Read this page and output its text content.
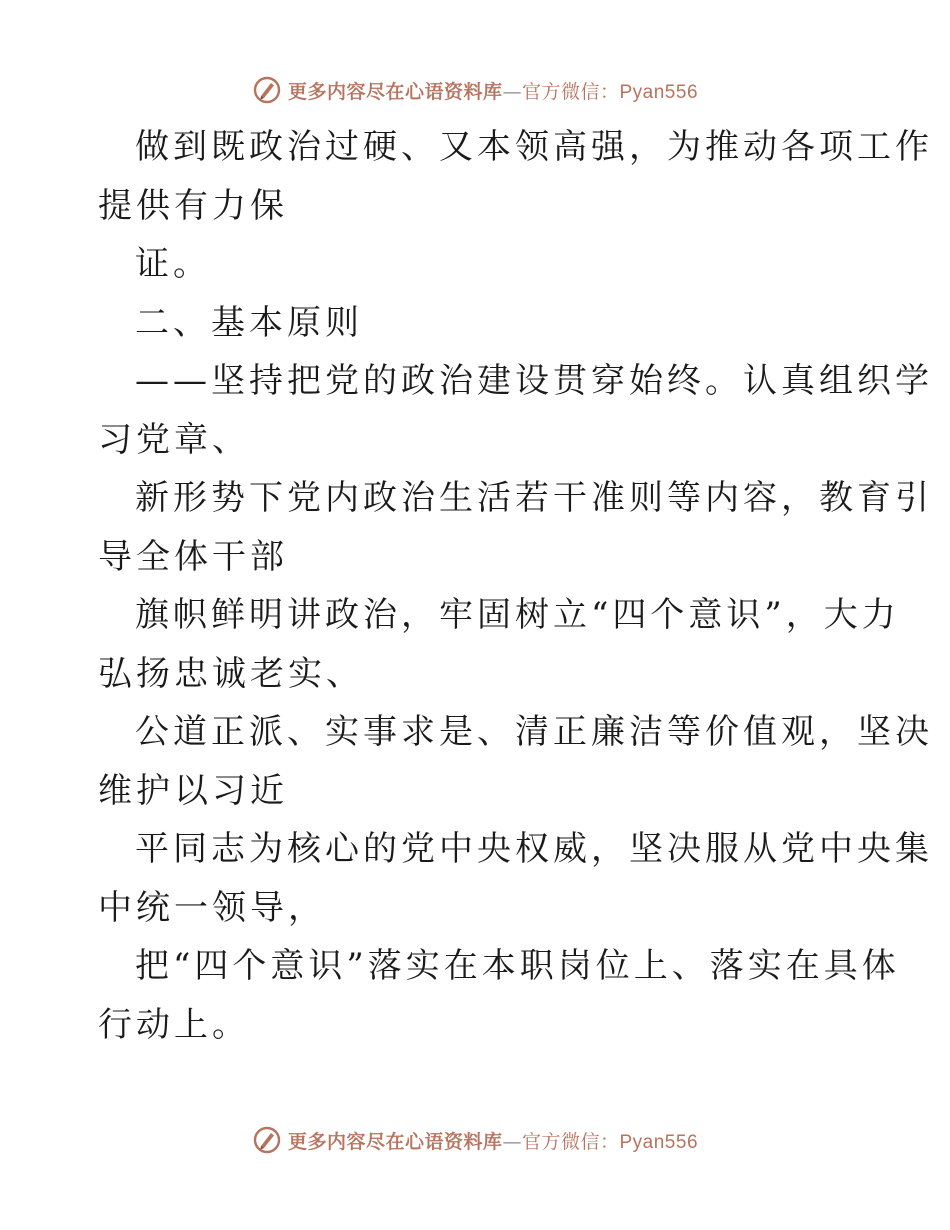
更多内容尽在心语资料库—官方微信：Pyan556
做到既政治过硬、又本领高强，为推动各项工作
提供有力保
证。
二、基本原则
——坚持把党的政治建设贯穿始终。认真组织学
习党章、
新形势下党内政治生活若干准则等内容，教育引
导全体干部
旗帜鲜明讲政治，牢固树立“四个意识”，大力
弘扬忠诚老实、
公道正派、实事求是、清正廉洁等价值观，坚决
维护以习近
平同志为核心的党中央权威，坚决服从党中央集
中统一领导，
把“四个意识”落实在本职岗位上、落实在具体
行动上。
更多内容尽在心语资料库—官方微信：Pyan556
